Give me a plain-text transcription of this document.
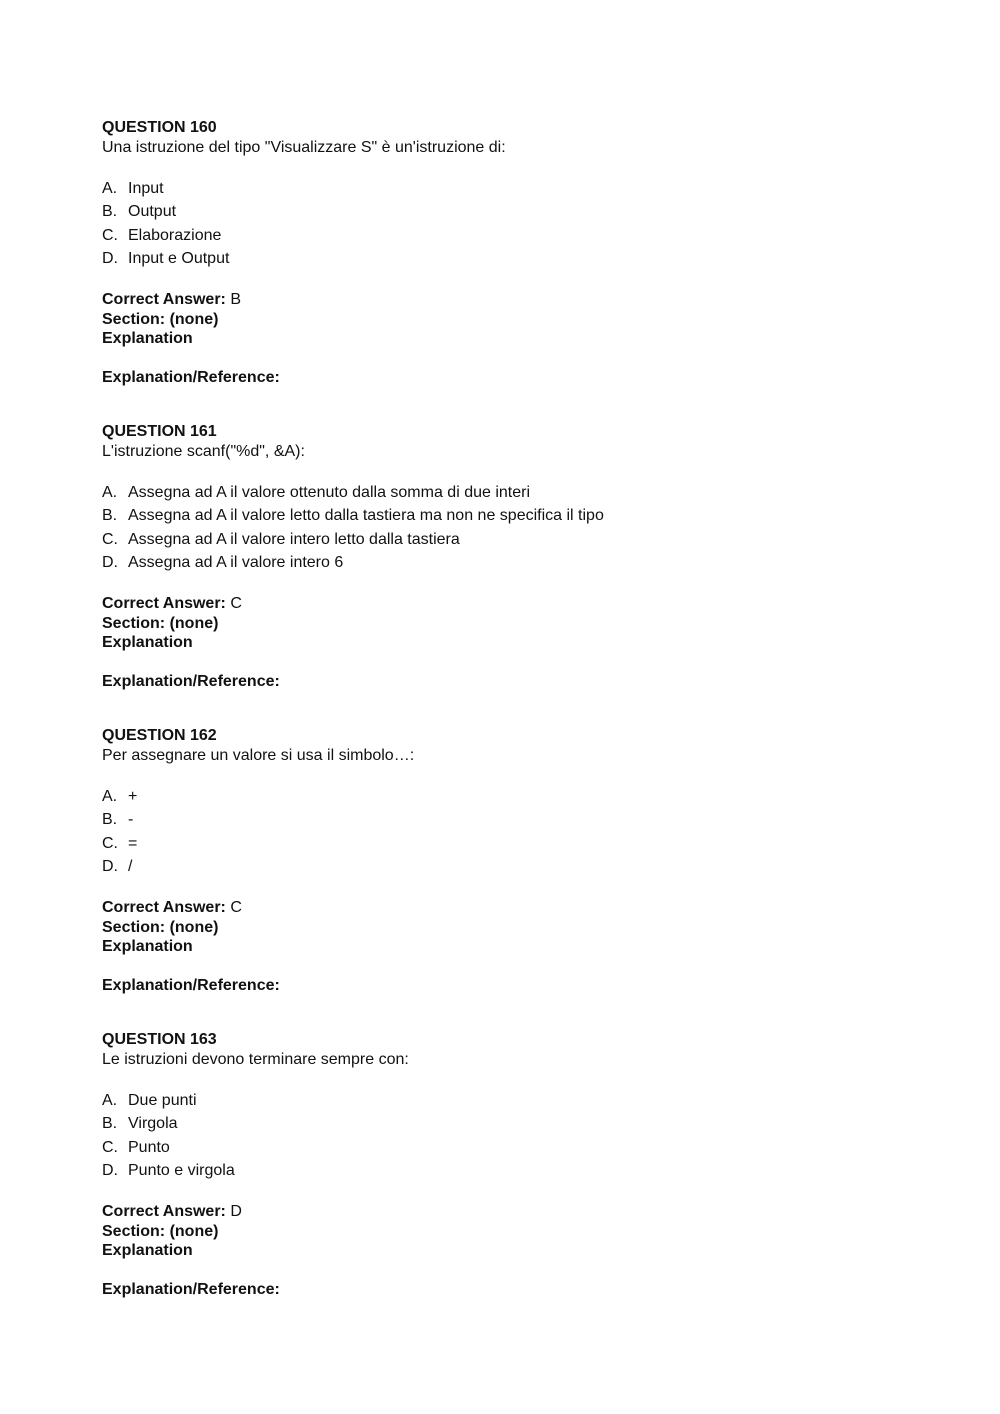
QUESTION 160
Una istruzione del tipo "Visualizzare S" è un'istruzione di:
A. Input
B. Output
C. Elaborazione
D. Input e Output
Correct Answer: B
Section: (none)
Explanation
Explanation/Reference:
QUESTION 161
L'istruzione scanf("%d", &A):
A. Assegna ad A il valore ottenuto dalla somma di due interi
B. Assegna ad A il valore letto dalla tastiera ma non ne specifica il tipo
C. Assegna ad A il valore intero letto dalla tastiera
D. Assegna ad A il valore intero 6
Correct Answer: C
Section: (none)
Explanation
Explanation/Reference:
QUESTION 162
Per assegnare un valore si usa il simbolo…:
A. +
B. -
C. =
D. /
Correct Answer: C
Section: (none)
Explanation
Explanation/Reference:
QUESTION 163
Le istruzioni devono terminare sempre con:
A. Due punti
B. Virgola
C. Punto
D. Punto e virgola
Correct Answer: D
Section: (none)
Explanation
Explanation/Reference:
